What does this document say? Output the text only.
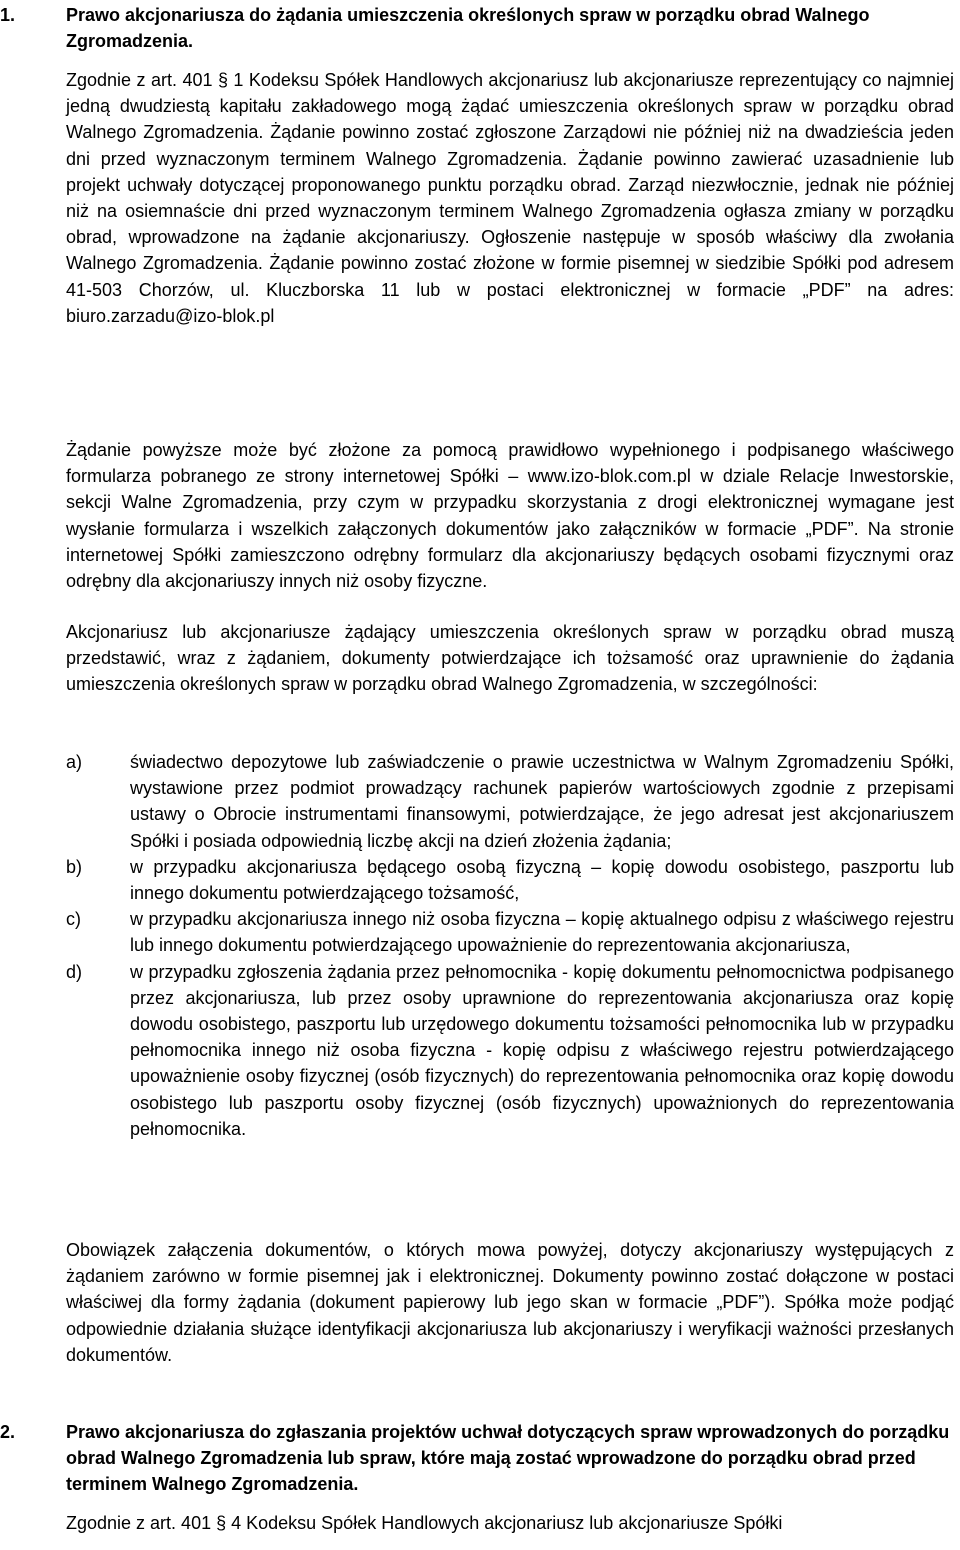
1.	Prawo akcjonariusza do żądania umieszczenia określonych spraw w porządku obrad Walnego Zgromadzenia.

Zgodnie z art. 401 § 1 Kodeksu Spółek Handlowych akcjonariusz lub akcjonariusze reprezentujący co najmniej jedną dwudziestą kapitału zakładowego mogą żądać umieszczenia określonych spraw w porządku obrad Walnego Zgromadzenia. Żądanie powinno zostać zgłoszone Zarządowi nie później niż na dwadzieścia jeden dni przed wyznaczonym terminem Walnego Zgromadzenia. Żądanie powinno zawierać uzasadnienie lub projekt uchwały dotyczącej proponowanego punktu porządku obrad. Zarząd niezwłocznie, jednak nie później niż na osiemnaście dni przed wyznaczonym terminem Walnego Zgromadzenia ogłasza zmiany w porządku obrad, wprowadzone na żądanie akcjonariuszy. Ogłoszenie następuje w sposób właściwy dla zwołania Walnego Zgromadzenia. Żądanie powinno zostać złożone w formie pisemnej w siedzibie Spółki pod adresem 41-503 Chorzów, ul. Kluczborska 11 lub w postaci elektronicznej w formacie „PDF” na adres: biuro.zarzadu@izo-blok.pl

Żądanie powyższe może być złożone za pomocą prawidłowo wypełnionego i podpisanego właściwego formularza pobranego ze strony internetowej Spółki – www.izo-blok.com.pl w dziale Relacje Inwestorskie, sekcji Walne Zgromadzenia, przy czym w przypadku skorzystania z drogi elektronicznej wymagane jest wysłanie formularza i wszelkich załączonych dokumentów jako załączników w formacie „PDF”. Na stronie internetowej Spółki zamieszczono odrębny formularz dla akcjonariuszy będących osobami fizycznymi oraz odrębny dla akcjonariuszy innych niż osoby fizyczne.

Akcjonariusz lub akcjonariusze żądający umieszczenia określonych spraw w porządku obrad muszą przedstawić, wraz z żądaniem, dokumenty potwierdzające ich tożsamość oraz uprawnienie do żądania umieszczenia określonych spraw w porządku obrad Walnego Zgromadzenia, w szczególności:

a)	świadectwo depozytowe lub zaświadczenie o prawie uczestnictwa w Walnym Zgromadzeniu Spółki, wystawione przez podmiot prowadzący rachunek papierów wartościowych zgodnie z przepisami ustawy o Obrocie instrumentami finansowymi, potwierdzające, że jego adresat jest akcjonariuszem Spółki i posiada odpowiednią liczbę akcji na dzień złożenia żądania;
b)	w przypadku akcjonariusza będącego osobą fizyczną – kopię dowodu osobistego, paszportu lub innego dokumentu potwierdzającego tożsamość,
c)	w przypadku akcjonariusza innego niż osoba fizyczna – kopię aktualnego odpisu z właściwego rejestru lub innego dokumentu potwierdzającego upoważnienie do reprezentowania akcjonariusza,
d)	w przypadku zgłoszenia żądania przez pełnomocnika - kopię dokumentu pełnomocnictwa podpisanego przez akcjonariusza, lub przez osoby uprawnione do reprezentowania akcjonariusza oraz kopię dowodu osobistego, paszportu lub urzędowego dokumentu tożsamości pełnomocnika lub w przypadku pełnomocnika innego niż osoba fizyczna - kopię odpisu z właściwego rejestru potwierdzającego upoważnienie osoby fizycznej (osób fizycznych) do reprezentowania pełnomocnika oraz kopię dowodu osobistego lub paszportu osoby fizycznej (osób fizycznych) upoważnionych do reprezentowania pełnomocnika.

Obowiązek załączenia dokumentów, o których mowa powyżej, dotyczy akcjonariuszy występujących z żądaniem zarówno w formie pisemnej jak i elektronicznej. Dokumenty powinno zostać dołączone w postaci właściwej dla formy żądania (dokument papierowy lub jego skan w formacie „PDF”). Spółka może podjąć odpowiednie działania służące identyfikacji akcjonariusza lub akcjonariuszy i weryfikacji ważności przesłanych dokumentów.

2.	Prawo akcjonariusza do zgłaszania projektów uchwał dotyczących spraw wprowadzonych do porządku obrad Walnego Zgromadzenia lub spraw, które mają zostać wprowadzone do porządku obrad przed terminem Walnego Zgromadzenia.

Zgodnie z art. 401 § 4 Kodeksu Spółek Handlowych akcjonariusz lub akcjonariusze Spółki
